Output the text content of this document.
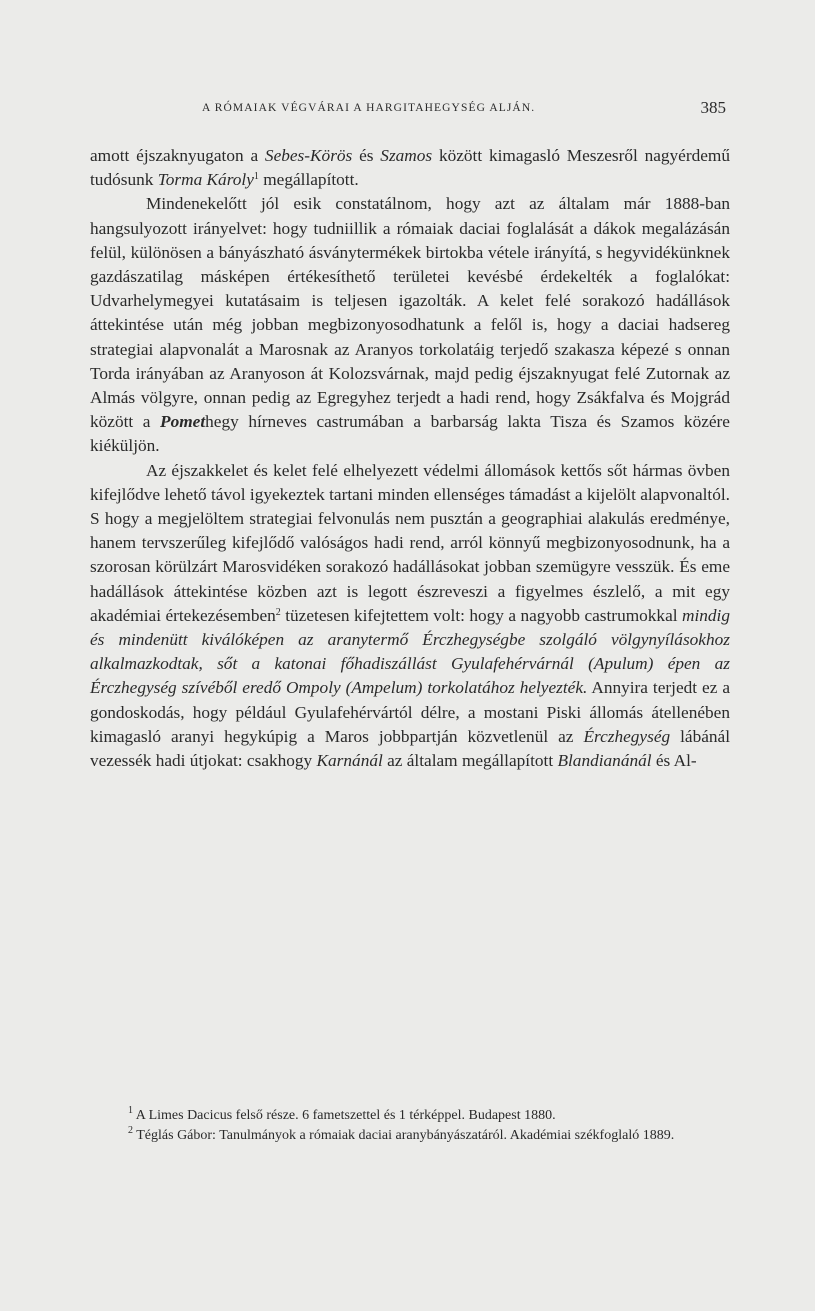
A RÓMAIAK VÉGVÁRAI A HARGITAHEGYSÉG ALJÁN.	385

amott éjszaknyugaton a Sebes-Körös és Szamos között kimagasló Meszesről nagyérdemű tudósunk Torma Károly$^1$ megállapított.

Mindenekelőtt jól esik constatálnom, hogy azt az általam már 1888-ban hangsulyozott irányelvet: hogy tudniillik a rómaiak daciai foglalását a dákok megalázásán felül, különösen a bányászható ásványtermékek birtokba vétele irányítá, s hegyvidékünknek gazdászatilag másképen értékesíthető területei kevésbé érdekelték a foglalókat: Udvarhelymegyei kutatásaim is teljesen igazolták. A kelet felé sorakozó hadállások áttekintése után még jobban megbizonyosodhatunk a felől is, hogy a daciai hadsereg strategiai alapvonalát a Marosnak az Aranyos torkolatáig terjedő szakasza képezé s onnan Torda irányában az Aranyoson át Kolozsvárnak, majd pedig éjszaknyugat felé Zutornak az Almás völgyre, onnan pedig az Egregyhez terjedt a hadi rend, hogy Zsákfalva és Mojgrád között a Pomethegy hírneves castrumában a barbarság lakta Tisza és Szamos közére kiéküljön.

Az éjszakkelet és kelet felé elhelyezett védelmi állomások kettős sőt hármas övben kifejlődve lehető távol igyekeztek tartani minden ellenséges támadást a kijelölt alapvonaltól. S hogy a megjelöltem strategiai felvonulás nem pusztán a geographiai alakulás eredménye, hanem tervszerűleg kifejlődő valóságos hadi rend, arról könnyű megbizonyosodnunk, ha a szorosan körülzárt Marosvidéken sorakozó hadállásokat jobban szemügyre vesszük. És eme hadállások áttekintése közben azt is legott észreveszi a figyelmes észlelő, a mit egy akadémiai értekezésemben$^2$ tüzetesen kifejtettem volt: hogy a nagyobb castrumokkal mindig és mindenütt kiválóképen az aranytermő Érczhegységbe szolgáló völgynyílásokhoz alkalmazkodtak, sőt a katonai főhadiszállást Gyulafehérvárnál (Apulum) épen az Érczhegység szívéből eredő Ompoly (Ampelum) torkolatához helyezték. Annyira terjedt ez a gondoskodás, hogy például Gyulafehérvártól délre, a mostani Piski állomás átellenében kimagasló aranyi hegykúpig a Maros jobbpartján közvetlenül az Érczhegység lábánál vezessék hadi útjokat: csakhogy Karnánál az általam megállapított Blandianánál és Al-

$^1$ A Limes Dacicus felső része. 6 fametszettel és 1 térképpel. Budapest 1880.

$^2$ Téglás Gábor: Tanulmányok a rómaiak daciai aranybányászatáról. Akadémiai székfoglaló 1889.
